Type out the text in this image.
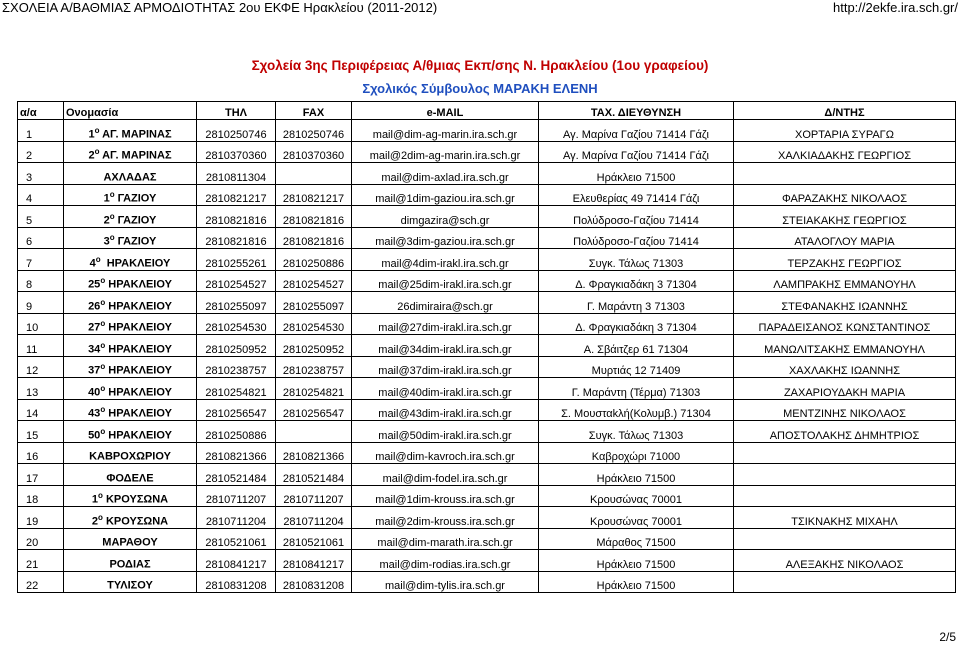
ΣΧΟΛΕΙΑ Α/ΒΑΘΜΙΑΣ ΑΡΜΟΔΙΟΤΗΤΑΣ 2ου ΕΚΦΕ Ηρακλείου (2011-2012)	http://2ekfe.ira.sch.gr/
Σχολεία 3ης Περιφέρειας Α/θμιας Εκπ/σης Ν. Ηρακλείου (1ου γραφείου)
Σχολικός Σύμβουλος ΜΑΡΑΚΗ ΕΛΕΝΗ
α/α	Ονομασία	ΤΗΛ	FAX	e-MAIL	ΤΑΧ. ΔΙΕΥΘΥΝΣΗ	Δ/ΝΤΗΣ
1	$1^o$ ΑΓ. ΜΑΡΙΝΑΣ	2810250746	2810250746	mail@dim-ag-marin.ira.sch.gr	Αγ. Μαρίνα Γαζίου 71414 Γάζι	ΧΟΡΤΑΡΙΑ ΣΥΡΑΓΩ
2	$2^o$ ΑΓ. ΜΑΡΙΝΑΣ	2810370360	2810370360	mail@2dim-ag-marin.ira.sch.gr	Αγ. Μαρίνα Γαζίου 71414 Γάζι	ΧΑΛΚΙΑΔΑΚΗΣ ΓΕΩΡΓΙΟΣ
3	ΑΧΛΑΔΑΣ	2810811304		mail@dim-axlad.ira.sch.gr	Ηράκλειο 71500	
4	$1^o$ ΓΑΖΙΟΥ	2810821217	2810821217	mail@1dim-gaziou.ira.sch.gr	Ελευθερίας 49 71414 Γάζι	ΦΑΡΑΖΑΚΗΣ ΝΙΚΟΛΑΟΣ
5	$2^o$ ΓΑΖΙΟΥ	2810821816	2810821816	dimgazira@sch.gr	Πολύδροσο-Γαζίου 71414	ΣΤΕΙΑΚΑΚΗΣ ΓΕΩΡΓΙΟΣ
6	$3^o$ ΓΑΖΙΟΥ	2810821816	2810821816	mail@3dim-gaziou.ira.sch.gr	Πολύδροσο-Γαζίου 71414	ΑΤΑΛΟΓΛΟΥ ΜΑΡΙΑ
7	$4^o$  ΗΡΑΚΛΕΙΟΥ	2810255261	2810250886	mail@4dim-irakl.ira.sch.gr	Συγκ. Τάλως 71303	ΤΕΡΖΑΚΗΣ ΓΕΩΡΓΙΟΣ
8	$25^o$ ΗΡΑΚΛΕΙΟΥ	2810254527	2810254527	mail@25dim-irakl.ira.sch.gr	Δ. Φραγκιαδάκη 3 71304	ΛΑΜΠΡΑΚΗΣ ΕΜΜΑΝΟΥΗΛ
9	$26^o$ ΗΡΑΚΛΕΙΟΥ	2810255097	2810255097	26dimiraira@sch.gr	Γ. Μαράντη 3 71303	ΣΤΕΦΑΝΑΚΗΣ ΙΩΑΝΝΗΣ
10	$27^o$ ΗΡΑΚΛΕΙΟΥ	2810254530	2810254530	mail@27dim-irakl.ira.sch.gr	Δ. Φραγκιαδάκη 3 71304	ΠΑΡΑΔΕΙΣΑΝΟΣ ΚΩΝΣΤΑΝΤΙΝΟΣ
11	$34^o$ ΗΡΑΚΛΕΙΟΥ	2810250952	2810250952	mail@34dim-irakl.ira.sch.gr	Α. Σβάιτζερ 61 71304	ΜΑΝΩΛΙΤΣΑΚΗΣ ΕΜΜΑΝΟΥΗΛ
12	$37^o$ ΗΡΑΚΛΕΙΟΥ	2810238757	2810238757	mail@37dim-irakl.ira.sch.gr	Μυρτιάς 12 71409	ΧΑΧΛΑΚΗΣ ΙΩΑΝΝΗΣ
13	$40^o$ ΗΡΑΚΛΕΙΟΥ	2810254821	2810254821	mail@40dim-irakl.ira.sch.gr	Γ. Μαράντη (Τέρμα) 71303	ΖΑΧΑΡΙΟΥΔΑΚΗ ΜΑΡΙΑ
14	$43^o$ ΗΡΑΚΛΕΙΟΥ	2810256547	2810256547	mail@43dim-irakl.ira.sch.gr	Σ. Μουσταkλή(Κολυμβ.) 71304	ΜΕΝΤΖΙΝΗΣ ΝΙΚΟΛΑΟΣ
15	$50^o$ ΗΡΑΚΛΕΙΟΥ	2810250886		mail@50dim-irakl.ira.sch.gr	Συγκ. Τάλως 71303	ΑΠΟΣΤΟΛΑΚΗΣ ΔΗΜΗΤΡΙΟΣ
16	ΚΑΒΡΟΧΩΡΙΟΥ	2810821366	2810821366	mail@dim-kavroch.ira.sch.gr	Καβροχώρι 71000	
17	ΦΟΔΕΛΕ	2810521484	2810521484	mail@dim-fodel.ira.sch.gr	Ηράκλειο 71500	
18	$1^o$ ΚΡΟΥΣΩΝΑ	2810711207	2810711207	mail@1dim-krouss.ira.sch.gr	Κρουσώνας 70001	
19	$2^o$ ΚΡΟΥΣΩΝΑ	2810711204	2810711204	mail@2dim-krouss.ira.sch.gr	Κρουσώνας 70001	ΤΣΙΚΝΑΚΗΣ ΜΙΧΑΗΛ
20	ΜΑΡΑΘΟΥ	2810521061	2810521061	mail@dim-marath.ira.sch.gr	Μάραθος 71500	
21	ΡΟΔΙΑΣ	2810841217	2810841217	mail@dim-rodias.ira.sch.gr	Ηράκλειο 71500	ΑΛΕΞΑΚΗΣ ΝΙΚΟΛΑΟΣ
22	ΤΥΛΙΣΟΥ	2810831208	2810831208	mail@dim-tylis.ira.sch.gr	Ηράκλειο 71500	
2/5
